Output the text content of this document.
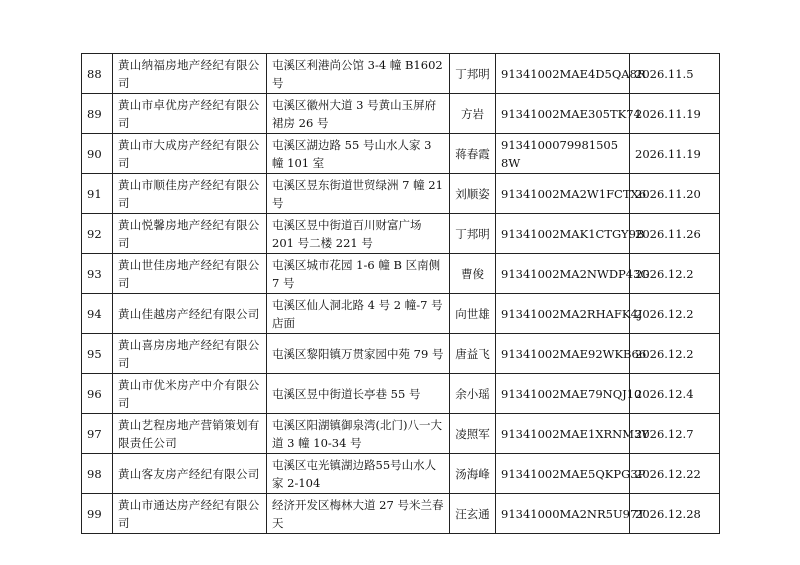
88	黄山纳福房地产经纪有限公司	屯溪区利港尚公馆 3-4 幢 B1602 号	丁邦明	91341002MAE4D5QA8R	2026.11.5
89	黄山市卓优房产经纪有限公司	屯溪区徽州大道 3 号黄山玉屏府裙房 26 号	方岩	91341002MAE305TK74	2026.11.19
90	黄山市大成房产经纪有限公司	屯溪区湖边路 55 号山水人家 3 幢 101 室	蒋春霞	9134100079981505 8W	2026.11.19
91	黄山市顺佳房产经纪有限公司	屯溪区昱东街道世贸绿洲 7 幢 21 号	刘顺姿	91341002MA2W1FCTX6	2026.11.20
92	黄山悦馨房地产经纪有限公司	屯溪区昱中街道百川财富广场 201 号二楼 221 号	丁邦明	91341002MAK1CTGY9B	2026.11.26
93	黄山世佳房地产经纪有限公司	屯溪区城市花园 1-6 幢 B 区南侧 7 号	曹俊	91341002MA2NWDP43G	2026.12.2
94	黄山佳越房产经纪有限公司	屯溪区仙人洞北路 4 号 2 幢-7 号店面	向世雄	91341002MA2RHAFK4J	2026.12.2
95	黄山喜房房地产经纪有限公司	屯溪区黎阳镇万贯家园中苑 79 号	唐益飞	91341002MAE92WKB66	2026.12.2
96	黄山市优米房产中介有限公司	屯溪区昱中街道长亭巷 55 号	余小瑶	91341002MAE79NQJ10	2026.12.4
97	黄山艺程房地产营销策划有限责任公司	屯溪区阳湖镇御泉湾(北门)八一大道 3 幢 10-34 号	凌照军	91341002MAE1XRNM3Y	2026.12.7
98	黄山客友房产经纪有限公司	屯溪区屯光镇湖边路55号山水人家 2-104	汤海峰	91341002MAE5QKPG3P	2026.12.22
99	黄山市通达房产经纪有限公司	经济开发区梅林大道 27 号米兰春天	汪玄通	91341000MA2NR5U97T	2026.12.28
